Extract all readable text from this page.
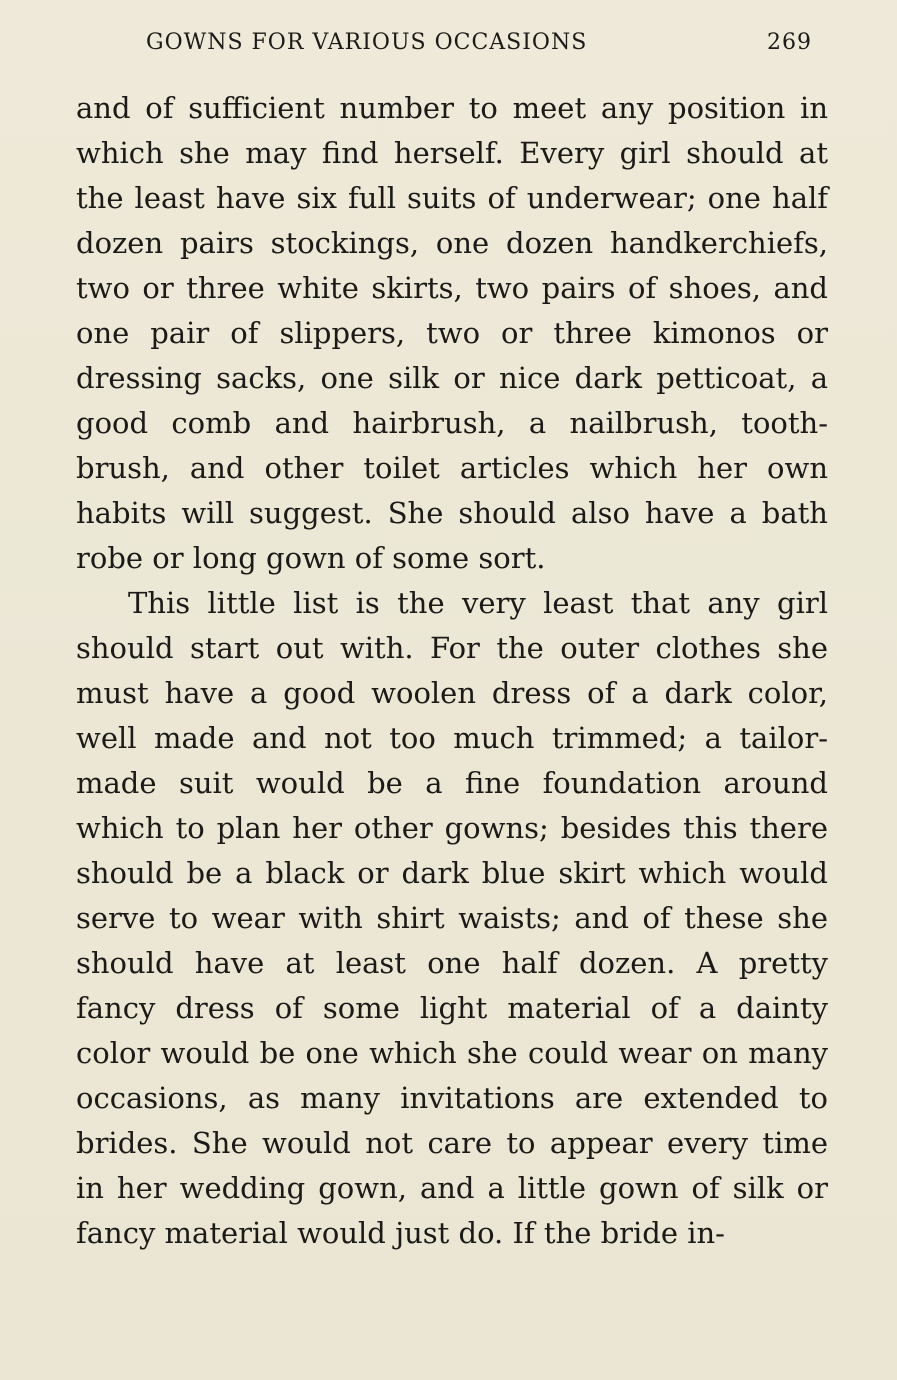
GOWNS FOR VARIOUS OCCASIONS	269
and of sufficient number to meet any position in
which she may find herself. Every girl should at
the least have six full suits of underwear; one half
dozen pairs stockings, one dozen handkerchiefs,
two or three white skirts, two pairs of shoes, and
one pair of slippers, two or three kimonos or
dressing sacks, one silk or nice dark petticoat, a
good comb and hairbrush, a nailbrush, tooth-
brush, and other toilet articles which her own
habits will suggest. She should also have a bath
robe or long gown of some sort.
This little list is the very least that any girl
should start out with. For the outer clothes she
must have a good woolen dress of a dark color,
well made and not too much trimmed; a tailor-
made suit would be a fine foundation around
which to plan her other gowns; besides this there
should be a black or dark blue skirt which would
serve to wear with shirt waists; and of these she
should have at least one half dozen. A pretty
fancy dress of some light material of a dainty
color would be one which she could wear on many
occasions, as many invitations are extended to
brides. She would not care to appear every time
in her wedding gown, and a little gown of silk or
fancy material would just do. If the bride in-
